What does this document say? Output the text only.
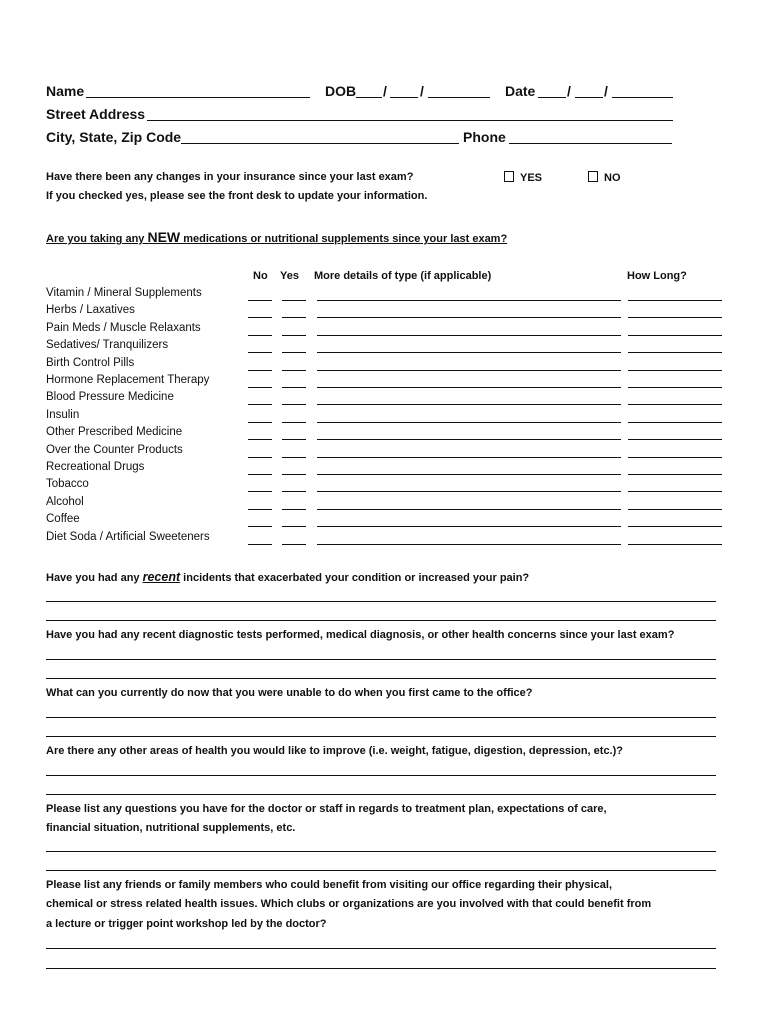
Name	DOB / /	Date / /
Street Address
City, State, Zip Code	Phone
Have there been any changes in your insurance since your last exam?	YES	NO
If you checked yes, please see the front desk to update your information.
Are you taking any NEW medications or nutritional supplements since your last exam?
No Yes More details of type (if applicable)	How Long?
Vitamin / Mineral Supplements
Herbs / Laxatives
Pain Meds / Muscle Relaxants
Sedatives/ Tranquilizers
Birth Control Pills
Hormone Replacement Therapy
Blood Pressure Medicine
Insulin
Other Prescribed Medicine
Over the Counter Products
Recreational Drugs
Tobacco
Alcohol
Coffee
Diet Soda / Artificial Sweeteners
Have you had any recent incidents that exacerbated your condition or increased your pain?
Have you had any recent diagnostic tests performed, medical diagnosis, or other health concerns since your last exam?
What can you currently do now that you were unable to do when you first came to the office?
Are there any other areas of health you would like to improve (i.e. weight, fatigue, digestion, depression, etc.)?
Please list any questions you have for the doctor or staff in regards to treatment plan, expectations of care,
financial situation, nutritional supplements, etc.
Please list any friends or family members who could benefit from visiting our office regarding their physical,
chemical or stress related health issues. Which clubs or organizations are you involved with that could benefit from
a lecture or trigger point workshop led by the doctor?
